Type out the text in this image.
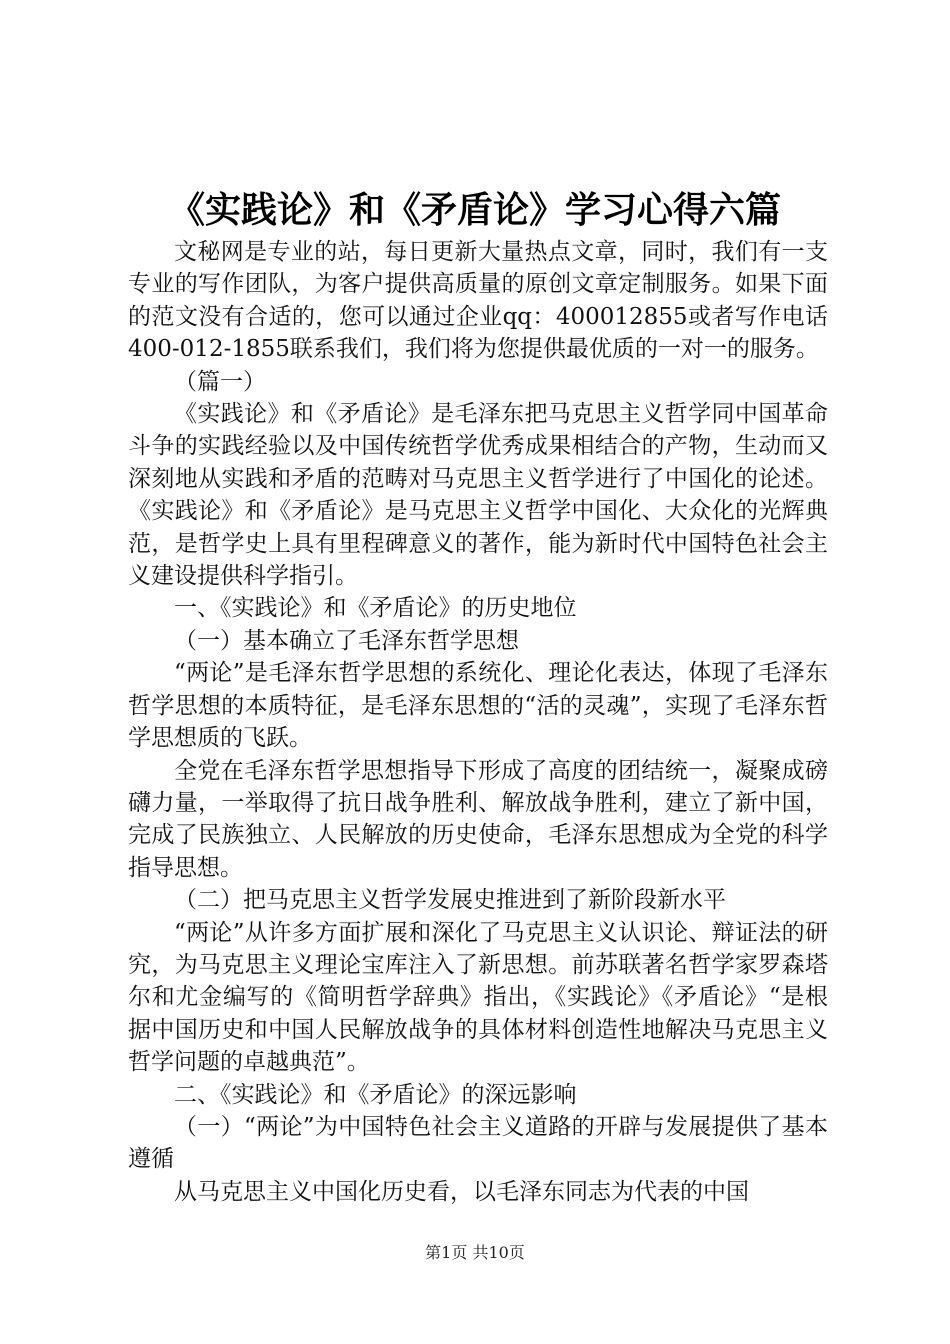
《实践论》和《矛盾论》学习心得六篇

文秘网是专业的站，每日更新大量热点文章，同时，我们有一支专业的写作团队，为客户提供高质量的原创文章定制服务。如果下面的范文没有合适的，您可以通过企业qq：400012855或者写作电话400-012-1855联系我们，我们将为您提供最优质的一对一的服务。

（篇一）

《实践论》和《矛盾论》是毛泽东把马克思主义哲学同中国革命斗争的实践经验以及中国传统哲学优秀成果相结合的产物，生动而又深刻地从实践和矛盾的范畴对马克思主义哲学进行了中国化的论述。《实践论》和《矛盾论》是马克思主义哲学中国化、大众化的光辉典范，是哲学史上具有里程碑意义的著作，能为新时代中国特色社会主义建设提供科学指引。

一、《实践论》和《矛盾论》的历史地位

（一）基本确立了毛泽东哲学思想

“两论”是毛泽东哲学思想的系统化、理论化表达，体现了毛泽东哲学思想的本质特征，是毛泽东思想的“活的灵魂”，实现了毛泽东哲学思想质的飞跃。

全党在毛泽东哲学思想指导下形成了高度的团结统一，凝聚成磅礴力量，一举取得了抗日战争胜利、解放战争胜利，建立了新中国，完成了民族独立、人民解放的历史使命，毛泽东思想成为全党的科学指导思想。

（二）把马克思主义哲学发展史推进到了新阶段新水平

“两论”从许多方面扩展和深化了马克思主义认识论、辩证法的研究，为马克思主义理论宝库注入了新思想。前苏联著名哲学家罗森塔尔和尤金编写的《简明哲学辞典》指出，《实践论》《矛盾论》“是根据中国历史和中国人民解放战争的具体材料创造性地解决马克思主义哲学问题的卓越典范”。

二、《实践论》和《矛盾论》的深远影响

（一）“两论”为中国特色社会主义道路的开辟与发展提供了基本遵循

从马克思主义中国化历史看，以毛泽东同志为代表的中国

第1页 共10页
